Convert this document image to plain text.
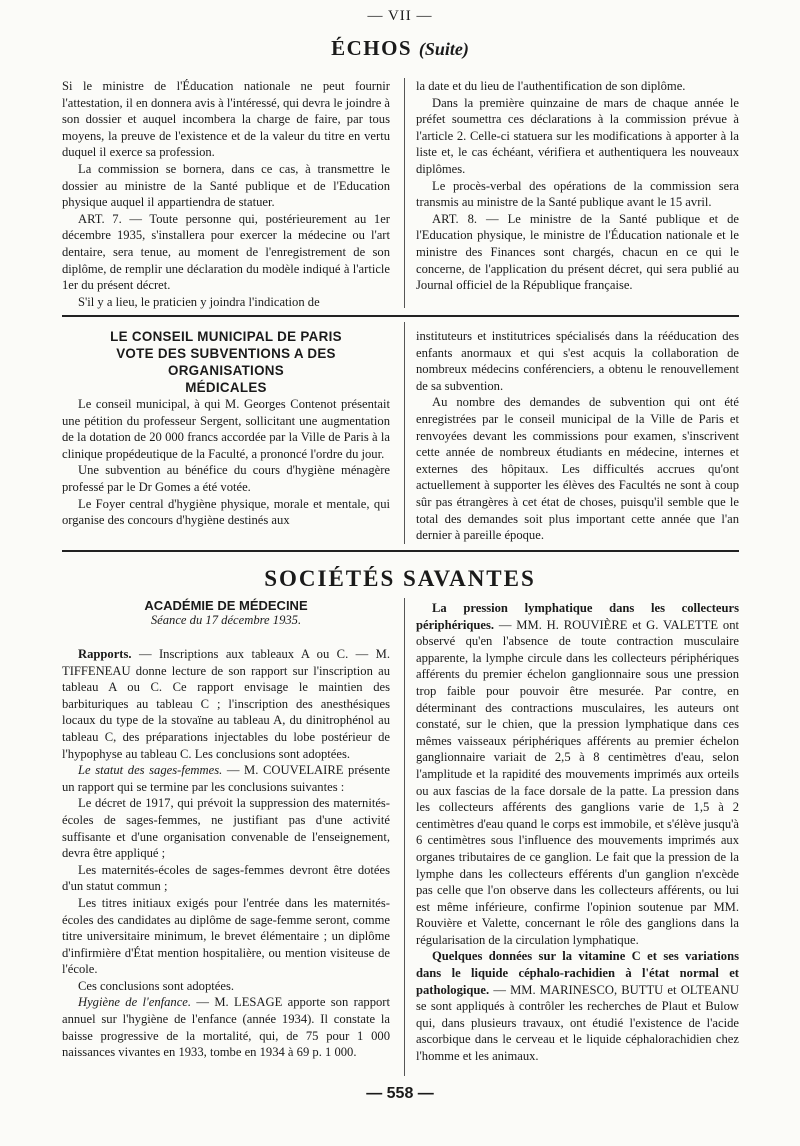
— VII —
ÉCHOS (Suite)

Si le ministre de l'Éducation nationale ne peut fournir l'attestation, il en donnera avis à l'intéressé, qui devra le joindre à son dossier et auquel incombera la charge de faire, par tous moyens, la preuve de l'existence et de la valeur du titre en vertu duquel il exerce sa profession.

La commission se bornera, dans ce cas, à transmettre le dossier au ministre de la Santé publique et de l'Education physique auquel il appartiendra de statuer.

ART. 7. — Toute personne qui, postérieurement au 1er décembre 1935, s'installera pour exercer la médecine ou l'art dentaire, sera tenue, au moment de l'enregistrement de son diplôme, de remplir une déclaration du modèle indiqué à l'article 1er du présent décret.

S'il y a lieu, le praticien y joindra l'indication de

la date et du lieu de l'authentification de son diplôme.

Dans la première quinzaine de mars de chaque année le préfet soumettra ces déclarations à la commission prévue à l'article 2. Celle-ci statuera sur les modifications à apporter à la liste et, le cas échéant, vérifiera et authentiquera les nouveaux diplômes.

Le procès-verbal des opérations de la commission sera transmis au ministre de la Santé publique avant le 15 avril.

ART. 8. — Le ministre de la Santé publique et de l'Education physique, le ministre de l'Éducation nationale et le ministre des Finances sont chargés, chacun en ce qui le concerne, de l'application du présent décret, qui sera publié au Journal officiel de la République française.

LE CONSEIL MUNICIPAL DE PARIS
VOTE DES SUBVENTIONS A DES ORGANISATIONS
MÉDICALES

Le conseil municipal, à qui M. Georges Contenot présentait une pétition du professeur Sergent, sollicitant une augmentation de la dotation de 20 000 francs accordée par la Ville de Paris à la clinique propédeutique de la Faculté, a prononcé l'ordre du jour.

Une subvention au bénéfice du cours d'hygiène ménagère professé par le Dr Gomes a été votée.

Le Foyer central d'hygiène physique, morale et mentale, qui organise des concours d'hygiène destinés aux

instituteurs et institutrices spécialisés dans la rééducation des enfants anormaux et qui s'est acquis la collaboration de nombreux médecins conférenciers, a obtenu le renouvellement de sa subvention.

Au nombre des demandes de subvention qui ont été enregistrées par le conseil municipal de la Ville de Paris et renvoyées devant les commissions pour examen, s'inscrivent cette année de nombreux étudiants en médecine, internes et externes des hôpitaux. Les difficultés accrues qu'ont actuellement à supporter les élèves des Facultés ne sont à coup sûr pas étrangères à cet état de choses, puisqu'il semble que le total des demandes soit plus important cette année que l'an dernier à pareille époque.

SOCIÉTÉS SAVANTES
ACADÉMIE DE MÉDECINE
Séance du 17 décembre 1935.

Rapports. — Inscriptions aux tableaux A ou C. — M. TIFFENEAU donne lecture de son rapport sur l'inscription au tableau A ou C. Ce rapport envisage le maintien des barbituriques au tableau C ; l'inscription des anesthésiques locaux du type de la stovaïne au tableau A, du dinitrophénol au tableau C, des préparations injectables du lobe postérieur de l'hypophyse au tableau C. Les conclusions sont adoptées.

Le statut des sages-femmes. — M. COUVELAIRE présente un rapport qui se termine par les conclusions suivantes :

Le décret de 1917, qui prévoit la suppression des maternités-écoles de sages-femmes, ne justifiant pas d'une activité suffisante et d'une organisation convenable de l'enseignement, devra être appliqué ;

Les maternités-écoles de sages-femmes devront être dotées d'un statut commun ;

Les titres initiaux exigés pour l'entrée dans les maternités-écoles des candidates au diplôme de sage-femme seront, comme titre universitaire minimum, le brevet élémentaire ; un diplôme d'infirmière d'État mention hospitalière, ou mention visiteuse de l'école.

Ces conclusions sont adoptées.

Hygiène de l'enfance. — M. LESAGE apporte son rapport annuel sur l'hygiène de l'enfance (année 1934). Il constate la baisse progressive de la mortalité, qui, de 75 pour 1 000 naissances vivantes en 1933, tombe en 1934 à 69 p. 1 000.

La pression lymphatique dans les collecteurs périphériques. — MM. H. ROUVIÈRE et G. VALETTE ont observé qu'en l'absence de toute contraction musculaire apparente, la lymphe circule dans les collecteurs périphériques afférents du premier échelon ganglionnaire sous une pression trop faible pour pouvoir être mesurée. Par contre, en déterminant des contractions musculaires, les auteurs ont constaté, sur le chien, que la pression lymphatique dans ces mêmes vaisseaux périphériques afférents au premier échelon ganglionnaire variait de 2,5 à 8 centimètres d'eau, selon l'amplitude et la rapidité des mouvements imprimés aux orteils ou aux fascias de la face dorsale de la patte. La pression dans les collecteurs afférents des ganglions varie de 1,5 à 2 centimètres d'eau quand le corps est immobile, et s'élève jusqu'à 6 centimètres sous l'influence des mouvements imprimés aux organes tributaires de ce ganglion. Le fait que la pression de la lymphe dans les collecteurs efférents d'un ganglion n'excède pas celle que l'on observe dans les collecteurs afférents, ou lui est même inférieure, confirme l'opinion soutenue par MM. Rouvière et Valette, concernant le rôle des ganglions dans la régularisation de la circulation lymphatique.

Quelques données sur la vitamine C et ses variations dans le liquide céphalo-rachidien à l'état normal et pathologique. — MM. MARINESCO, BUTTU et OLTEANU se sont appliqués à contrôler les recherches de Plaut et Bulow qui, dans plusieurs travaux, ont étudié l'existence de l'acide ascorbique dans le cerveau et le liquide céphalorachidien chez l'homme et les animaux.

— 558 —
